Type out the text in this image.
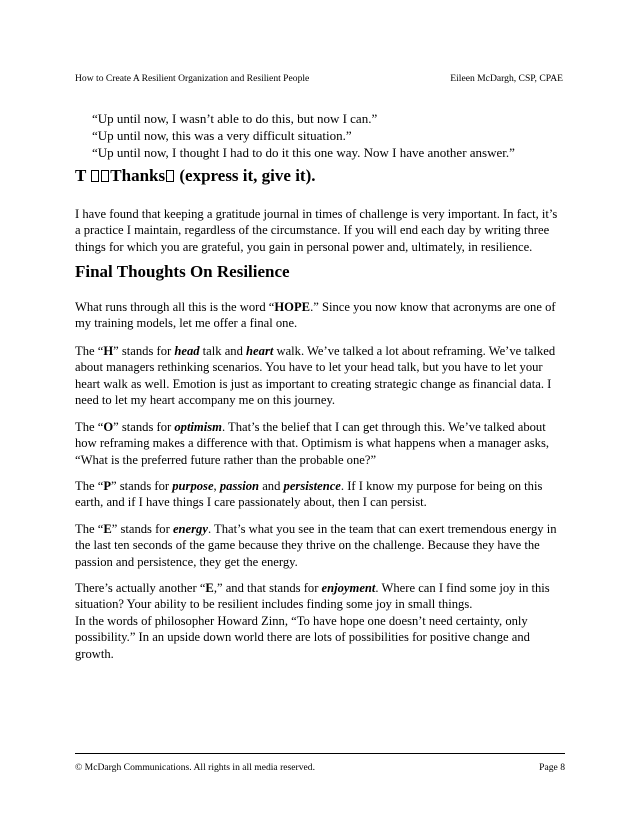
How to Create A Resilient Organization and Resilient People	Eileen McDargh, CSP, CPAE
“Up until now, I wasn’t able to do this, but now I can.”
“Up until now, this was a very difficult situation.”
“Up until now, I thought I had to do it this one way. Now I have another answer.”
T Thanks (express it, give it).

I have found that keeping a gratitude journal in times of challenge is very important. In fact, it’s
a practice I maintain, regardless of the circumstance. If you will end each day by writing three
things for which you are grateful, you gain in personal power and, ultimately, in resilience.

Final Thoughts On Resilience

What runs through all this is the word “HOPE.” Since you now know that acronyms are one of
my training models, let me offer a final one.

The “H” stands for head talk and heart walk. We’ve talked a lot about reframing. We’ve talked
about managers rethinking scenarios. You have to let your head talk, but you have to let your
heart walk as well. Emotion is just as important to creating strategic change as financial data. I
need to let my heart accompany me on this journey.

The “O” stands for optimism. That’s the belief that I can get through this. We’ve talked about
how reframing makes a difference with that. Optimism is what happens when a manager asks,
“What is the preferred future rather than the probable one?”

The “P” stands for purpose, passion and persistence. If I know my purpose for being on this
earth, and if I have things I care passionately about, then I can persist.

The “E” stands for energy. That’s what you see in the team that can exert tremendous energy in
the last ten seconds of the game because they thrive on the challenge. Because they have the
passion and persistence, they get the energy.

There’s actually another “E,” and that stands for enjoyment. Where can I find some joy in this
situation? Your ability to be resilient includes finding some joy in small things.
In the words of philosopher Howard Zinn, “To have hope one doesn’t need certainty, only
possibility.” In an upside down world there are lots of possibilities for positive change and
growth.

© McDargh Communications. All rights in all media reserved.	Page 8
